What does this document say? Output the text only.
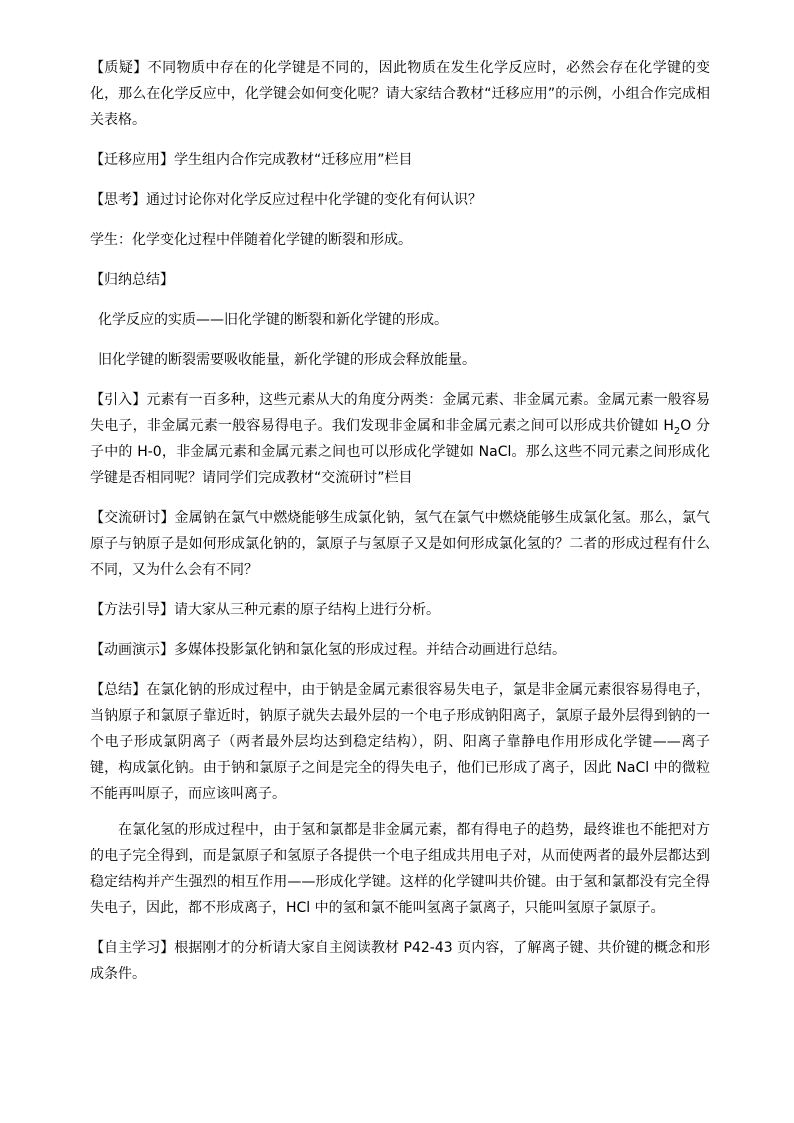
【质疑】不同物质中存在的化学键是不同的，因此物质在发生化学反应时，必然会存在化学键的变化，那么在化学反应中，化学键会如何变化呢？请大家结合教材“迁移应用”的示例，小组合作完成相关表格。

【迁移应用】学生组内合作完成教材“迁移应用”栏目

【思考】通过讨论你对化学反应过程中化学键的变化有何认识？

学生：化学变化过程中伴随着化学键的断裂和形成。

【归纳总结】

化学反应的实质——旧化学键的断裂和新化学键的形成。

旧化学键的断裂需要吸收能量，新化学键的形成会释放能量。

【引入】元素有一百多种，这些元素从大的角度分两类：金属元素、非金属元素。金属元素一般容易失电子，非金属元素一般容易得电子。我们发现非金属和非金属元素之间可以形成共价键如 $H_2O$ 分子中的 H-0，非金属元素和金属元素之间也可以形成化学键如 NaCl。那么这些不同元素之间形成化学键是否相同呢？请同学们完成教材“交流研讨”栏目

【交流研讨】金属钠在氯气中燃烧能够生成氯化钠，氢气在氯气中燃烧能够生成氯化氢。那么，氯气原子与钠原子是如何形成氯化钠的，氯原子与氢原子又是如何形成氯化氢的？二者的形成过程有什么不同，又为什么会有不同？

【方法引导】请大家从三种元素的原子结构上进行分析。

【动画演示】多媒体投影氯化钠和氯化氢的形成过程。并结合动画进行总结。

【总结】在氯化钠的形成过程中，由于钠是金属元素很容易失电子，氯是非金属元素很容易得电子，当钠原子和氯原子靠近时，钠原子就失去最外层的一个电子形成钠阳离子，氯原子最外层得到钠的一个电子形成氯阴离子（两者最外层均达到稳定结构），阴、阳离子靠静电作用形成化学键——离子键，构成氯化钠。由于钠和氯原子之间是完全的得失电子，他们已形成了离子，因此 NaCl 中的微粒不能再叫原子，而应该叫离子。

在氯化氢的形成过程中，由于氢和氯都是非金属元素，都有得电子的趋势，最终谁也不能把对方的电子完全得到，而是氯原子和氢原子各提供一个电子组成共用电子对，从而使两者的最外层都达到稳定结构并产生强烈的相互作用——形成化学键。这样的化学键叫共价键。由于氢和氯都没有完全得失电子，因此，都不形成离子，HCl 中的氢和氯不能叫氢离子氯离子，只能叫氢原子氯原子。

【自主学习】根据刚才的分析请大家自主阅读教材 P42-43 页内容，了解离子键、共价键的概念和形成条件。
